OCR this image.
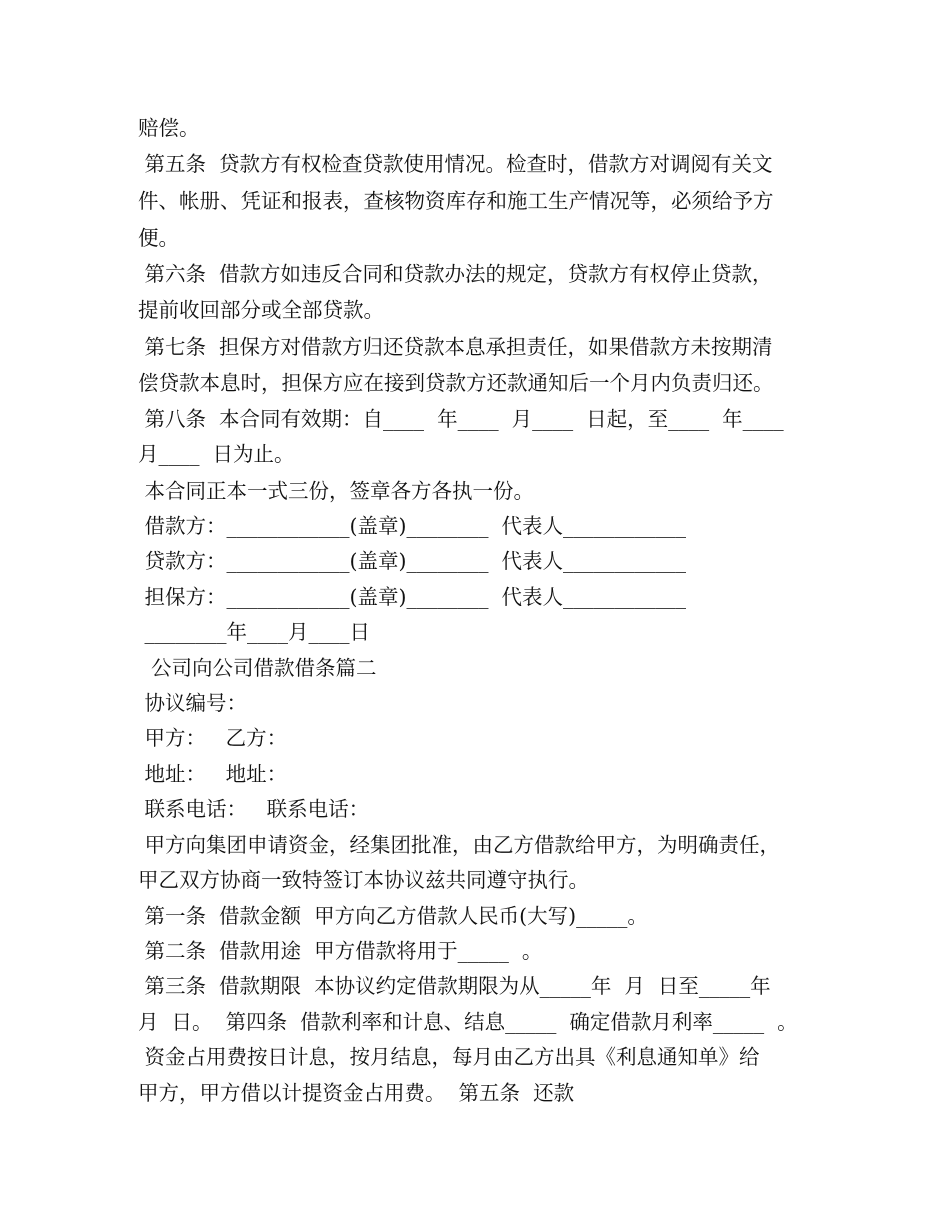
赔偿。
第五条  贷款方有权检查贷款使用情况。检查时，借款方对调阅有关文
件、帐册、凭证和报表，查核物资库存和施工生产情况等，必须给予方
便。
第六条  借款方如违反合同和贷款办法的规定，贷款方有权停止贷款，
提前收回部分或全部贷款。
第七条  担保方对借款方归还贷款本息承担责任，如果借款方未按期清
偿贷款本息时，担保方应在接到贷款方还款通知后一个月内负责归还。
第八条  本合同有效期：自____  年____  月____  日起，至____  年____
月____  日为止。
本合同正本一式三份，签章各方各执一份。
借款方：____________(盖章)________  代表人____________
贷款方：____________(盖章)________  代表人____________
担保方：____________(盖章)________  代表人____________
________年____月____日
公司向公司借款借条篇二
协议编号：
甲方：   乙方：
地址：   地址：
联系电话：   联系电话：
甲方向集团申请资金，经集团批准，由乙方借款给甲方，为明确责任，
甲乙双方协商一致特签订本协议兹共同遵守执行。
第一条  借款金额  甲方向乙方借款人民币(大写)_____。
第二条  借款用途  甲方借款将用于_____  。
第三条  借款期限  本协议约定借款期限为从_____年  月  日至_____年
月  日。  第四条  借款利率和计息、结息_____  确定借款月利率_____  。
资金占用费按日计息，按月结息，每月由乙方出具《利息通知单》给
甲方，甲方借以计提资金占用费。  第五条  还款
